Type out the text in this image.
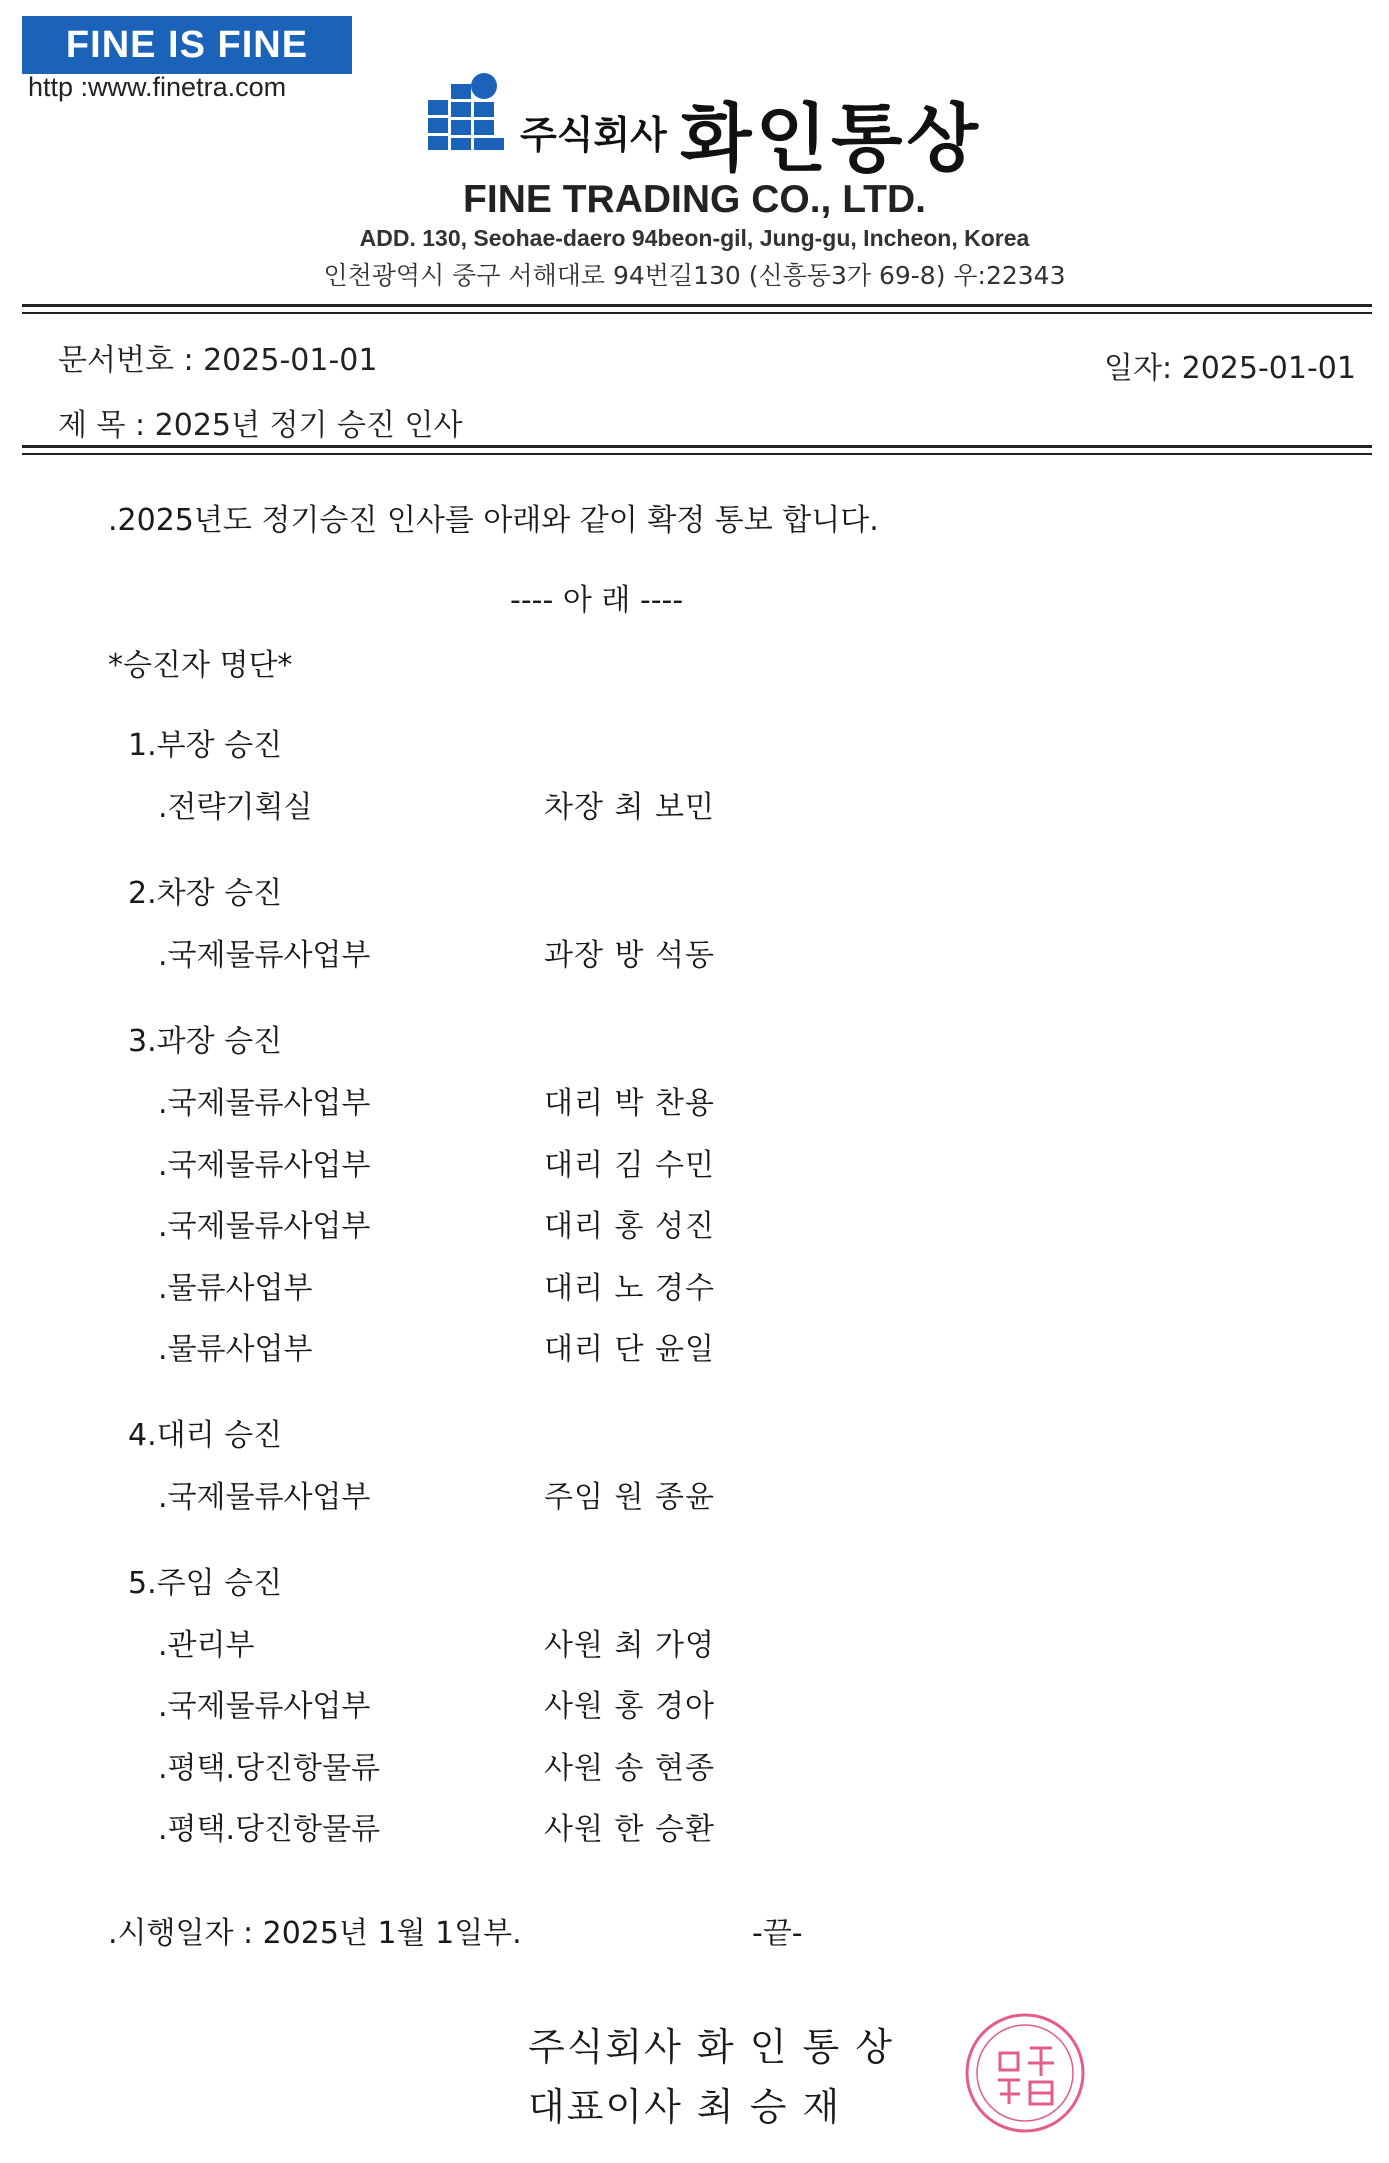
FINE IS FINE
http :www.finetra.com
주식회사 화인통상
FINE TRADING CO., LTD.
ADD. 130, Seohae-daero 94beon-gil, Jung-gu, Incheon, Korea
인천광역시 중구 서해대로 94번길130 (신흥동3가 69-8) 우:22343
문서번호 : 2025-01-01	일자: 2025-01-01
제 목 : 2025년 정기 승진 인사
.2025년도 정기승진 인사를 아래와 같이 확정 통보 합니다.
---- 아 래 ----
*승진자 명단*
1.부장 승진
.전략기획실	차장 최 보민
2.차장 승진
.국제물류사업부	과장 방 석동
3.과장 승진
.국제물류사업부	대리 박 찬용
.국제물류사업부	대리 김 수민
.국제물류사업부	대리 홍 성진
.물류사업부	대리 노 경수
.물류사업부	대리 단 윤일
4.대리 승진
.국제물류사업부	주임 원 종윤
5.주임 승진
.관리부	사원 최 가영
.국제물류사업부	사원 홍 경아
.평택.당진항물류	사원 송 현종
.평택.당진항물류	사원 한 승환
.시행일자 : 2025년 1월 1일부.	-끝-
주식회사 화 인 통 상
대표이사 최 승 재
